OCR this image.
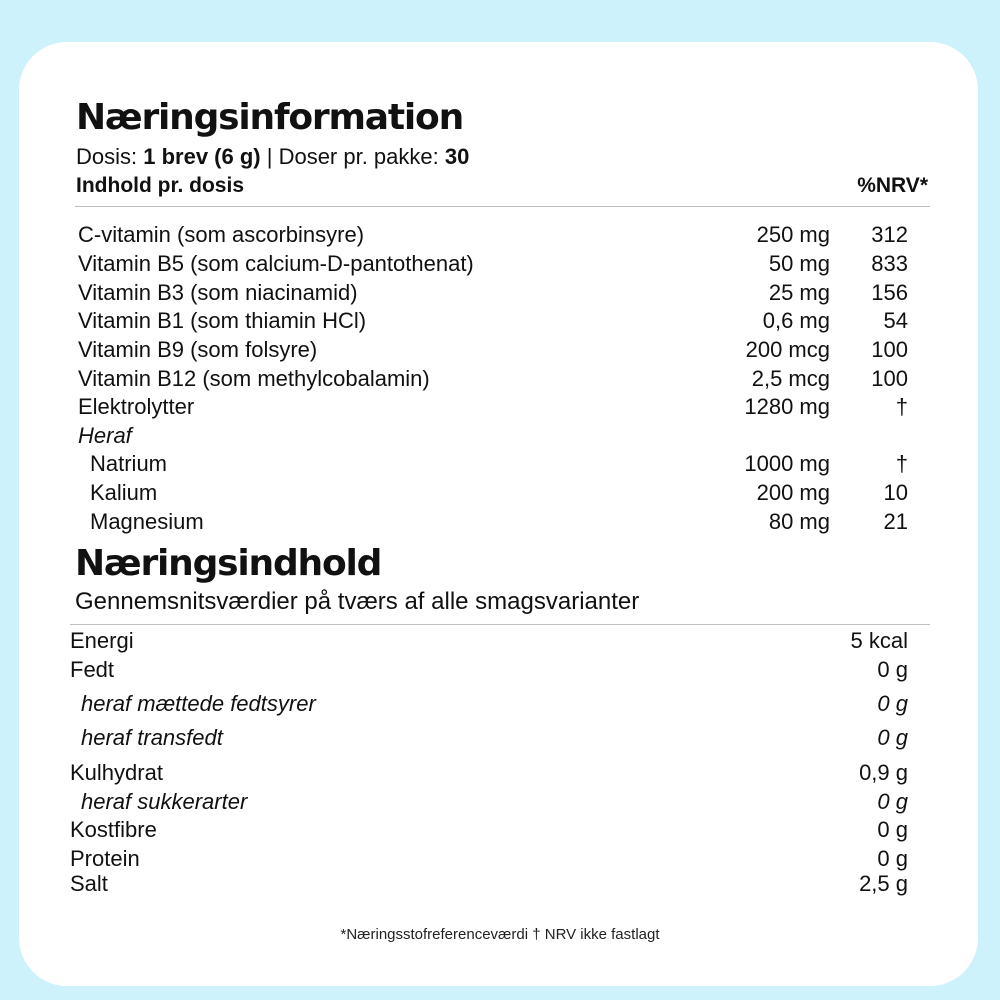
Næringsinformation
Dosis: 1 brev (6 g) | Doser pr. pakke: 30
Indhold pr. dosis	%NRV*
C-vitamin (som ascorbinsyre)	250 mg 312
Vitamin B5 (som calcium-D-pantothenat)	50 mg 833
Vitamin B3 (som niacinamid)	25 mg 156
Vitamin B1 (som thiamin HCl)	0,6 mg 54
Vitamin B9 (som folsyre)	200 mcg 100
Vitamin B12 (som methylcobalamin)	2,5 mcg 100
Elektrolytter	1280 mg	†
Heraf
Natrium	1000 mg	†
Kalium	200 mg 10
Magnesium	80 mg 21
Næringsindhold
Gennemsnitsværdier på tværs af alle smagsvarianter
Energi	5 kcal
Fedt	0 g
heraf mættede fedtsyrer	0 g
heraf transfedt	0 g
Kulhydrat	0,9 g
heraf sukkerarter	0 g
Kostfibre	0 g
Protein	0 g
Salt	2,5 g
*Næringsstofreferenceværdi † NRV ikke fastlagt
